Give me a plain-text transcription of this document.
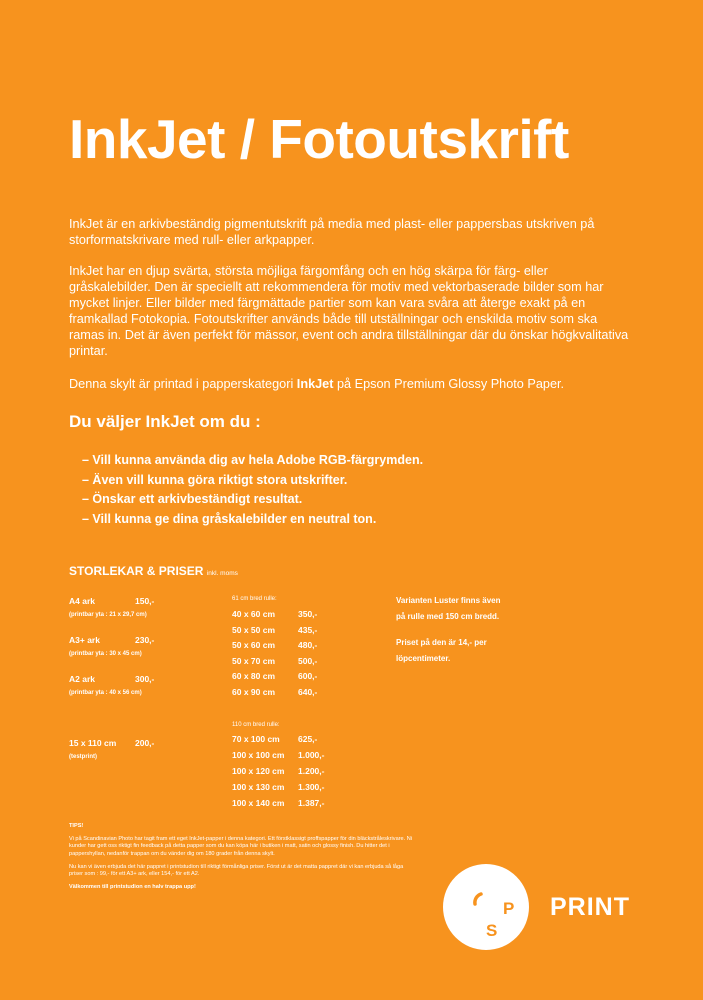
InkJet / Fotoutskrift

InkJet är en arkivbeständig pigmentutskrift på media med plast- eller pappersbas utskriven på storformatskrivare med rull- eller arkpapper.

InkJet har en djup svärta, största möjliga färgomfång och en hög skärpa för färg- eller gråskalebilder. Den är speciellt att rekommendera för motiv med vektorbaserade bilder som har mycket linjer. Eller bilder med färgmättade partier som kan vara svåra att återge exakt på en framkallad Fotokopia. Fotoutskrifter används både till utställningar och enskilda motiv som ska ramas in. Det är även perfekt för mässor, event och andra tillställningar där du önskar högkvalitativa printar.

Denna skylt är printad i papperskategori InkJet på Epson Premium Glossy Photo Paper.

Du väljer InkJet om du :
– Vill kunna använda dig av hela Adobe RGB-färgrymden.
– Även vill kunna göra riktigt stora utskrifter.
– Önskar ett arkivbeständigt resultat.
– Vill kunna ge dina gråskalebilder en neutral ton.
STORLEKAR & PRISER inkl. moms
A4 ark	150,-
(printbar yta : 21 x 29,7 cm)
A3+ ark	230,-
(printbar yta : 30 x 45 cm)
A2 ark	300,-
(printbar yta : 40 x 56 cm)
15 x 110 cm 200,-
(testprint)
61 cm bred rulle:
40 x 60 cm	350,-
50 x 50 cm	435,-
50 x 60 cm	480,-
50 x 70 cm	500,-
60 x 80 cm	600,-
60 x 90 cm	640,-
110 cm bred rulle:
70 x 100 cm 625,-
100 x 100 cm 1.000,-
100 x 120 cm 1.200,-
100 x 130 cm 1.300,-
100 x 140 cm 1.387,-
Varianten Luster finns även
på rulle med 150 cm bredd.
Priset på den är 14,- per
löpcentimeter.

TIPS!

Vi på Scandinavian Photo har tagit fram ett eget InkJet-papper i denna kategori. Ett förstklassigt proffspapper för din bläckstråleskrivare. Ni kunder har gett oss riktigt fin feedback på detta papper som du kan köpa här i butiken i matt, satin och glossy finish. Du hitter det i pappershyllan, nedanför trappan om du vänder dig om 180 grader från denna skylt.

Nu kan vi även erbjuda det här pappret i printstudion till riktigt förmånliga priser. Först ut är det matta pappret där vi kan erbjuda så låga priser som : 99,- för ett A3+ ark, eller 154,- för ett A2.

Välkommen till printstudion en halv trappa upp!

S
P PRINT
